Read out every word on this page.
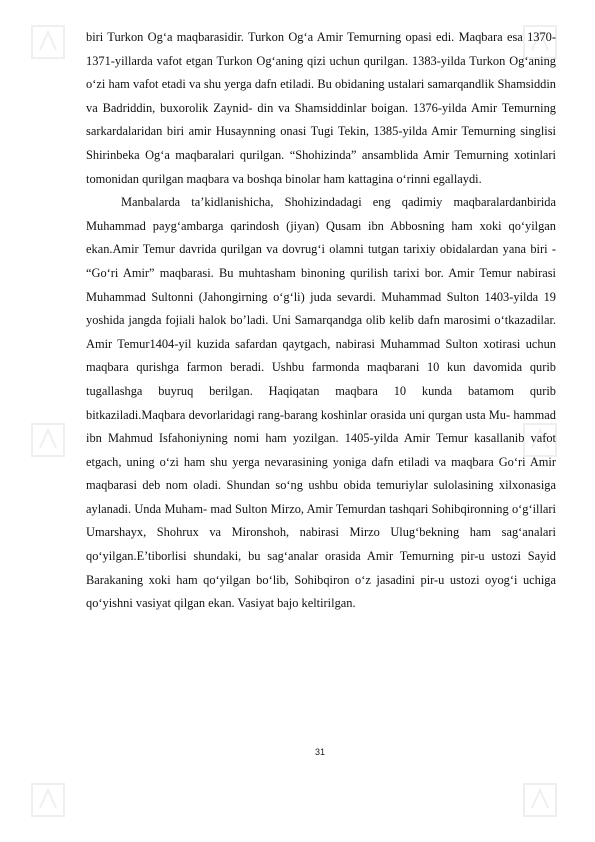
biri Turkon Og‘a maqbarasidir. Turkon Og‘a Amir Temurning opasi edi. Maqbara esa 1370-1371-yillarda vafot etgan Turkon Og‘aning qizi uchun qurilgan. 1383-yilda Turkon Og‘aning o‘zi ham vafot etadi va shu yerga dafn etiladi. Bu obidaning ustalari samarqandlik Shamsiddin va Badriddin, buxorolik Zaynid- din va Shamsiddinlar boigan. 1376-yilda Amir Temurning sarkardalaridan biri amir Husaynning onasi Tugi Tekin, 1385-yilda Amir Temurning singlisi Shirinbeka Og‘a maqbaralari qurilgan. “Shohizinda” ansamblida Amir Temurning xotinlari tomonidan qurilgan maqbara va boshqa binolar ham kattagina o‘rinni egallaydi.

Manbalarda ta’kidlanishicha, Shohizindadagi eng qadimiy maqbaralardanbirida Muhammad payg‘ambarga qarindosh (jiyan) Qusam ibn Abbosning ham xoki qo‘yilgan ekan.Amir Temur davrida qurilgan va dovrug‘i olamni tutgan tarixiy obidalardan yana biri - “Go‘ri Amir” maqbarasi. Bu muhtasham binoning qurilish tarixi bor. Amir Temur nabirasi Muhammad Sultonni (Jahongirning o‘g‘li) juda sevardi. Muhammad Sulton 1403-yilda 19 yoshida jangda fojiali halok bo’ladi. Uni Samarqandga olib kelib dafn marosimi o‘tkazadilar. Amir Temur1404-yil kuzida safardan qaytgach, nabirasi Muhammad Sulton xotirasi uchun maqbara qurishga farmon beradi. Ushbu farmonda maqbarani 10 kun davomida qurib tugallashga buyruq berilgan. Haqiqatan maqbara 10 kunda batamom qurib bitkaziladi.Maqbara devorlaridagi rang-barang koshinlar orasida uni qurgan usta Mu- hammad ibn Mahmud Isfahoniyning nomi ham yozilgan. 1405-yilda Amir Temur kasallanib vafot etgach, uning o‘zi ham shu yerga nevarasining yoniga dafn etiladi va maqbara Go‘ri Amir maqbarasi deb nom oladi. Shundan so‘ng ushbu obida temuriylar sulolasining xilxonasiga aylanadi. Unda Muham- mad Sulton Mirzo, Amir Temurdan tashqari Sohibqironning o‘g‘illari Umarshayx, Shohrux va Mironshoh, nabirasi Mirzo Ulug‘bekning ham sag‘analari qo‘yilgan.E’tiborlisi shundaki, bu sag‘analar orasida Amir Temurning pir-u ustozi Sayid Barakaning xoki ham qo‘yilgan bo‘lib, Sohibqiron o‘z jasadini pir-u ustozi oyog‘i uchiga qo‘yishni vasiyat qilgan ekan. Vasiyat bajo keltirilgan.

31
